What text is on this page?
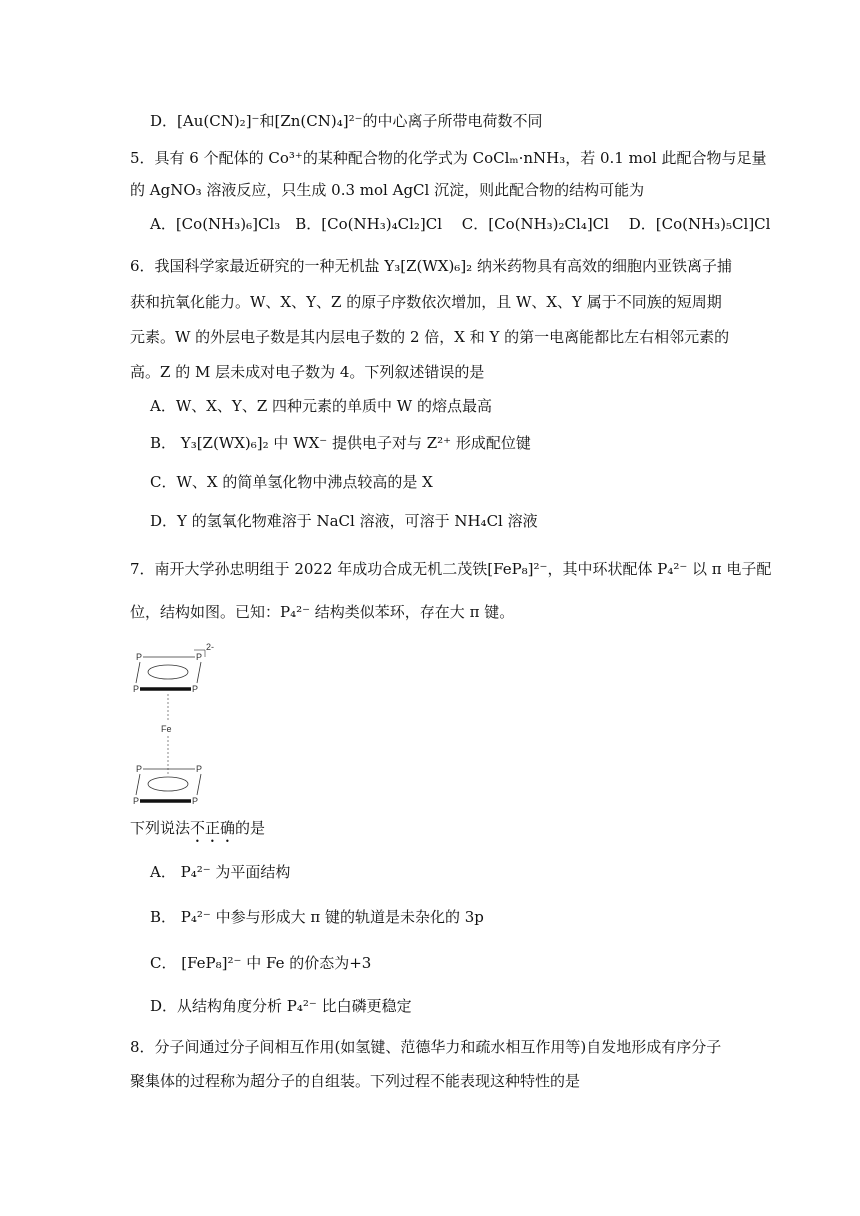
D．[Au(CN)₂]⁻和[Zn(CN)₄]²⁻的中心离子所带电荷数不同
5．具有 6 个配体的 Co³⁺的某种配合物的化学式为 CoClₘ·nNH₃，若 0.1 mol 此配合物与足量
的 AgNO₃ 溶液反应，只生成 0.3 mol AgCl 沉淀，则此配合物的结构可能为
A．[Co(NH₃)₆]Cl₃　B．[Co(NH₃)₄Cl₂]Cl　 C．[Co(NH₃)₂Cl₄]Cl　 D．[Co(NH₃)₅Cl]Cl
6．我国科学家最近研究的一种无机盐 Y₃[Z(WX)₆]₂ 纳米药物具有高效的细胞内亚铁离子捕
获和抗氧化能力。W、X、Y、Z 的原子序数依次增加，且 W、X、Y 属于不同族的短周期
元素。W 的外层电子数是其内层电子数的 2 倍，X 和 Y 的第一电离能都比左右相邻元素的
高。Z 的 M 层未成对电子数为 4。下列叙述错误的是
A．W、X、Y、Z 四种元素的单质中 W 的熔点最高
B． Y₃[Z(WX)₆]₂ 中 WX⁻ 提供电子对与 Z²⁺ 形成配位键
C．W、X 的简单氢化物中沸点较高的是 X
D．Y 的氢氧化物难溶于 NaCl 溶液，可溶于 NH₄Cl 溶液
7．南开大学孙忠明组于 2022 年成功合成无机二茂铁[FeP₈]²⁻，其中环状配体 P₄²⁻ 以 π 电子配
位，结构如图。已知：P₄²⁻ 结构类似苯环，存在大 π 键。
P	P
P	P
2-
Fe
P	P
P	P
下列说法不正确的是
A． P₄²⁻ 为平面结构
B． P₄²⁻ 中参与形成大 π 键的轨道是未杂化的 3p
C． [FeP₈]²⁻ 中 Fe 的价态为+3
D．从结构角度分析 P₄²⁻ 比白磷更稳定
8．分子间通过分子间相互作用(如氢键、范德华力和疏水相互作用等)自发地形成有序分子
聚集体的过程称为超分子的自组装。下列过程不能表现这种特性的是
